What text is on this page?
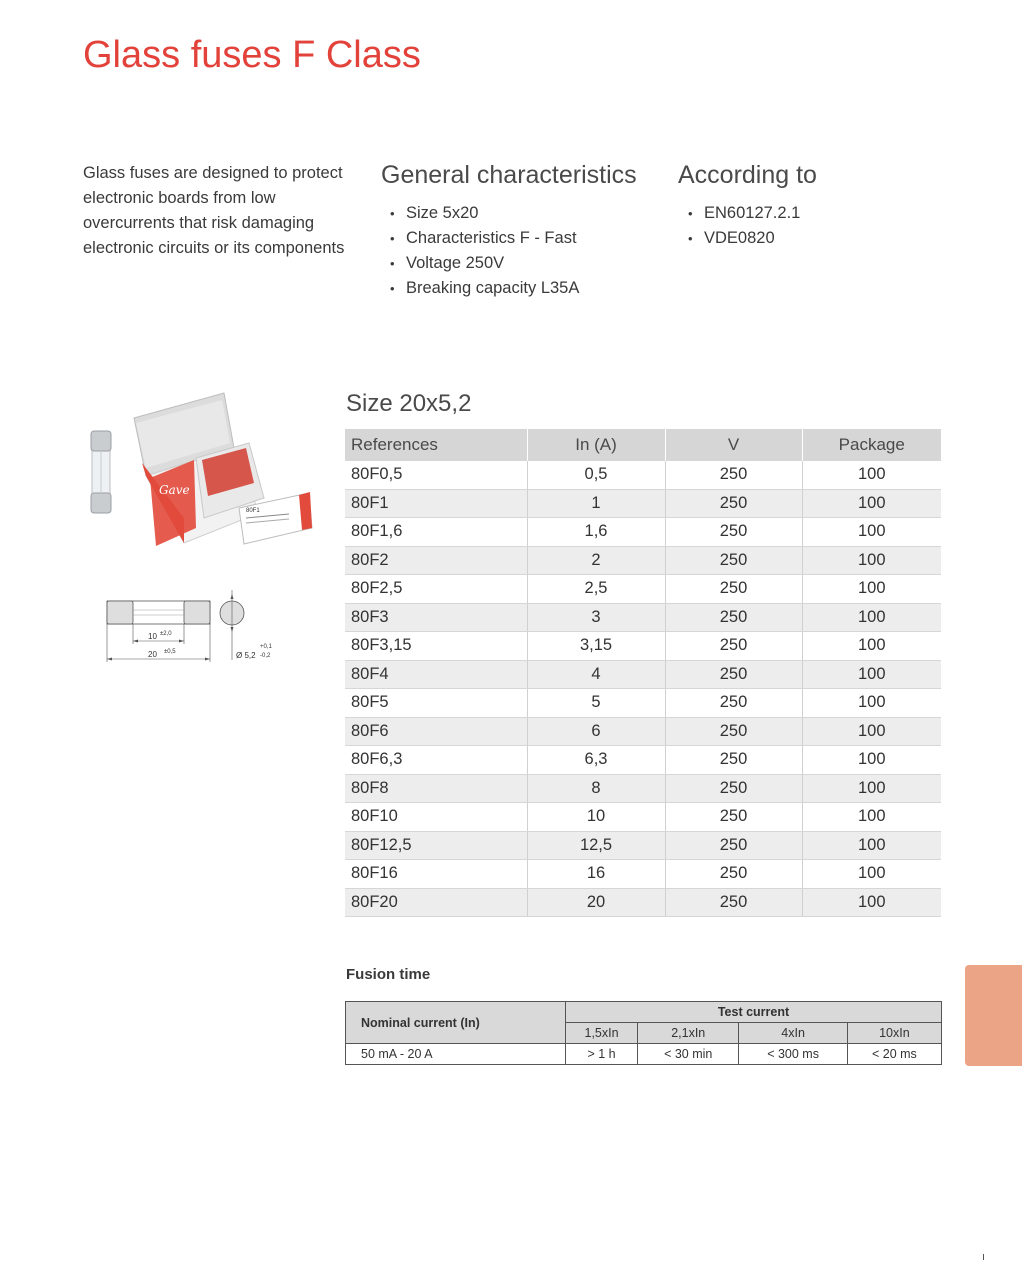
Glass fuses F Class

Glass fuses are designed to protect electronic boards from low overcurrents that risk damaging electronic circuits or its components

General characteristics
• Size 5x20
• Characteristics F - Fast
• Voltage 250V
• Breaking capacity L35A
According to
• EN60127.2.1
• VDE0820
Gave
80F1
10 ±2,0
20 ±0,5	Ø 5,2
+0,1
-0,2
Size 20x5,2
References	In (A)	V	Package
80F0,5	0,5	250	100
80F1	1	250	100
80F1,6	1,6	250	100
80F2	2	250	100
80F2,5	2,5	250	100
80F3	3	250	100
80F3,15	3,15	250	100
80F4	4	250	100
80F5	5	250	100
80F6	6	250	100
80F6,3	6,3	250	100
80F8	8	250	100
80F10	10	250	100
80F12,5	12,5	250	100
80F16	16	250	100
80F20	20	250	100
Fusion time
Nominal current (In)	Test current			
	1,5xIn	2,1xIn	4xIn	10xIn
50 mA - 20 A	> 1 h	< 30 min	< 300 ms	< 20 ms
